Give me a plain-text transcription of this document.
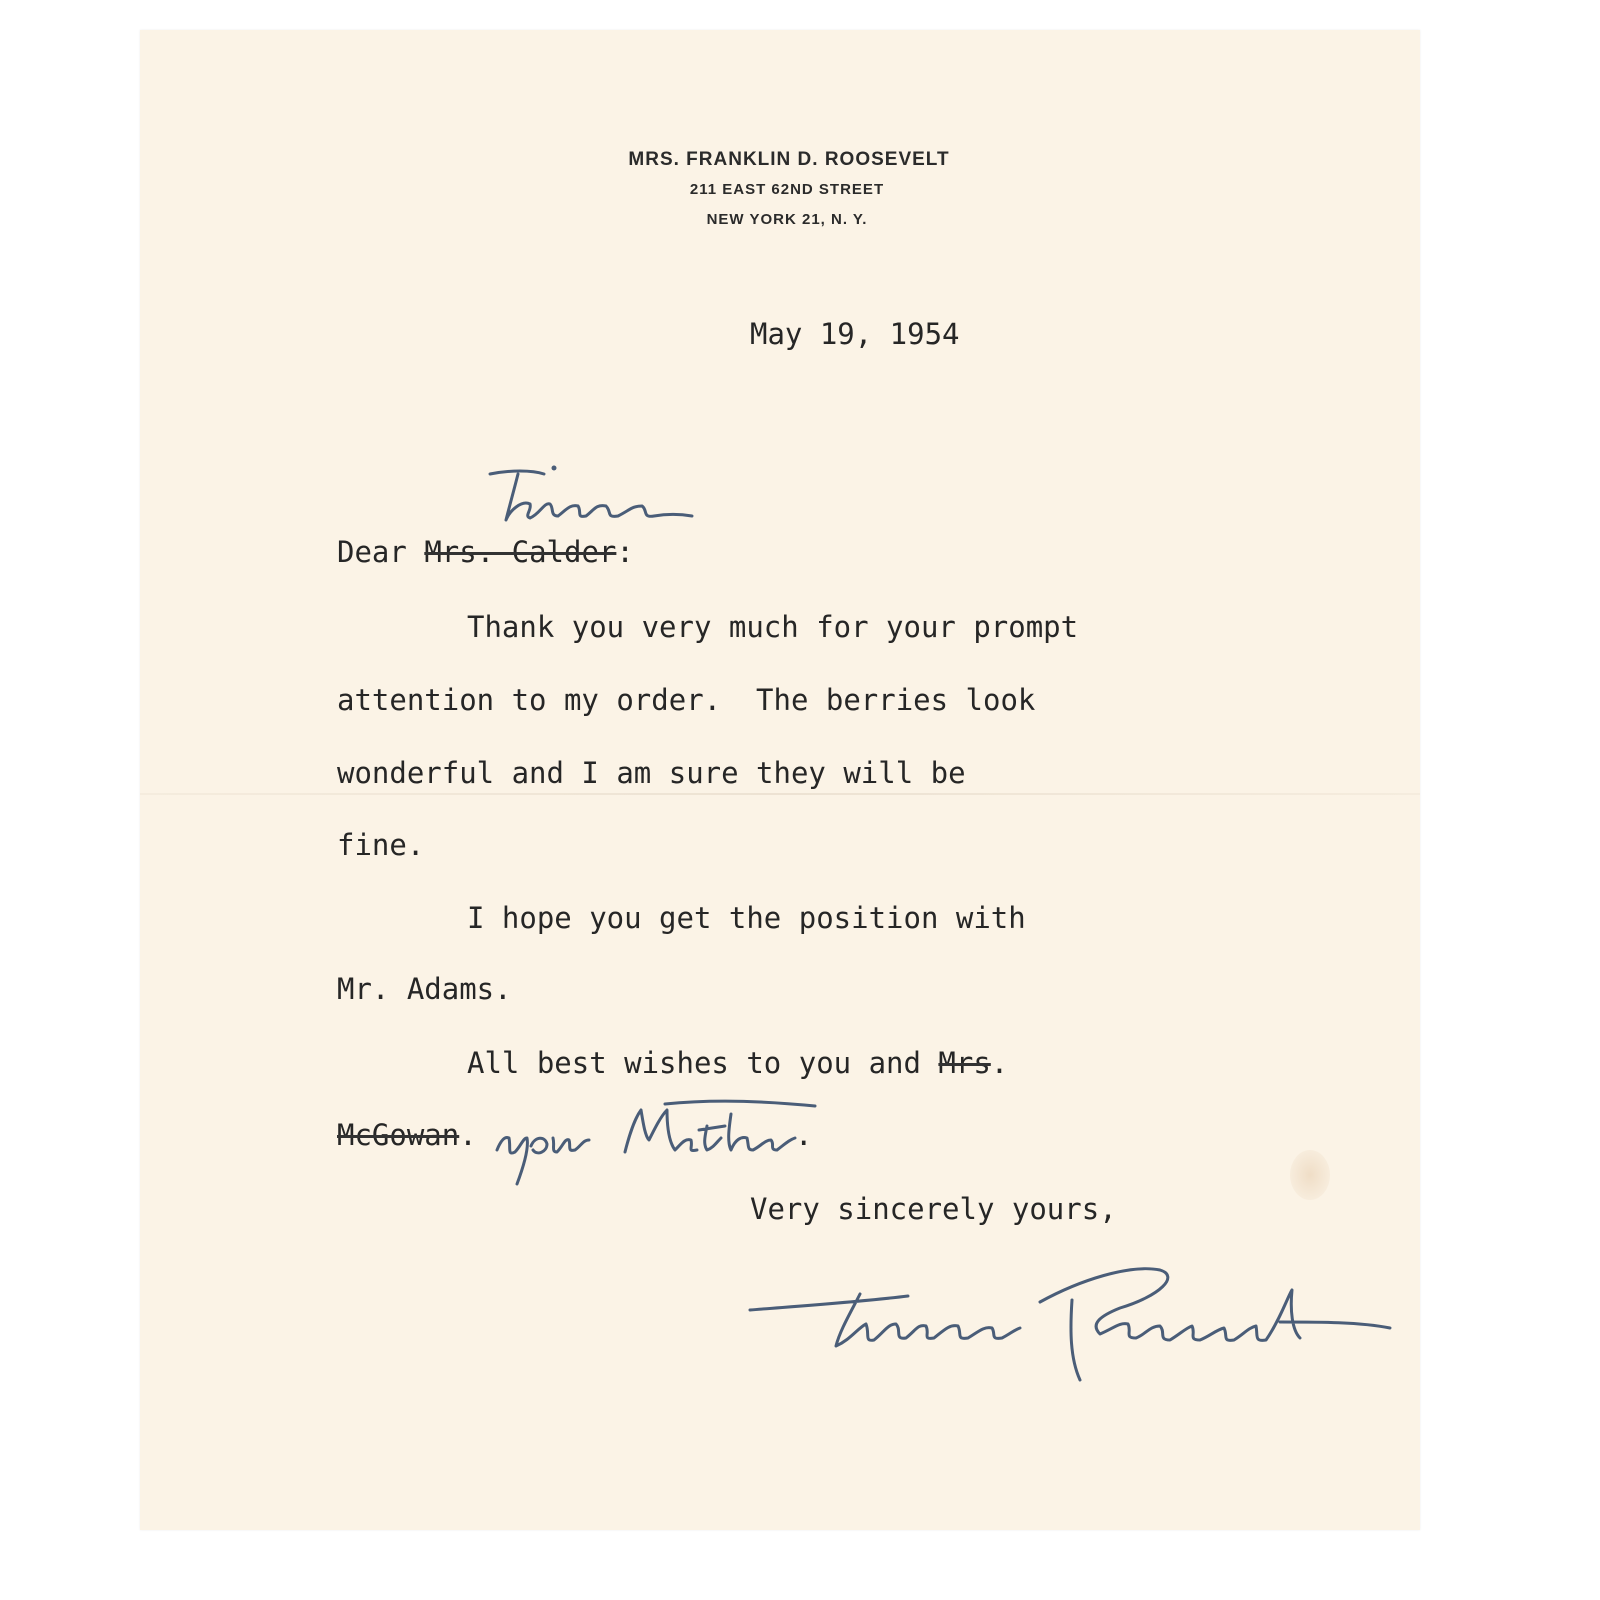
MRS. FRANKLIN D. ROOSEVELT
211 EAST 62ND STREET
NEW YORK 21, N. Y.

May 19, 1954

Dear Mrs. Calder:

Thank you very much for your prompt

attention to my order.  The berries look

wonderful and I am sure they will be

fine.

I hope you get the position with

Mr. Adams.

All best wishes to you and Mrs.

McGowan.	.

Very sincerely yours,
